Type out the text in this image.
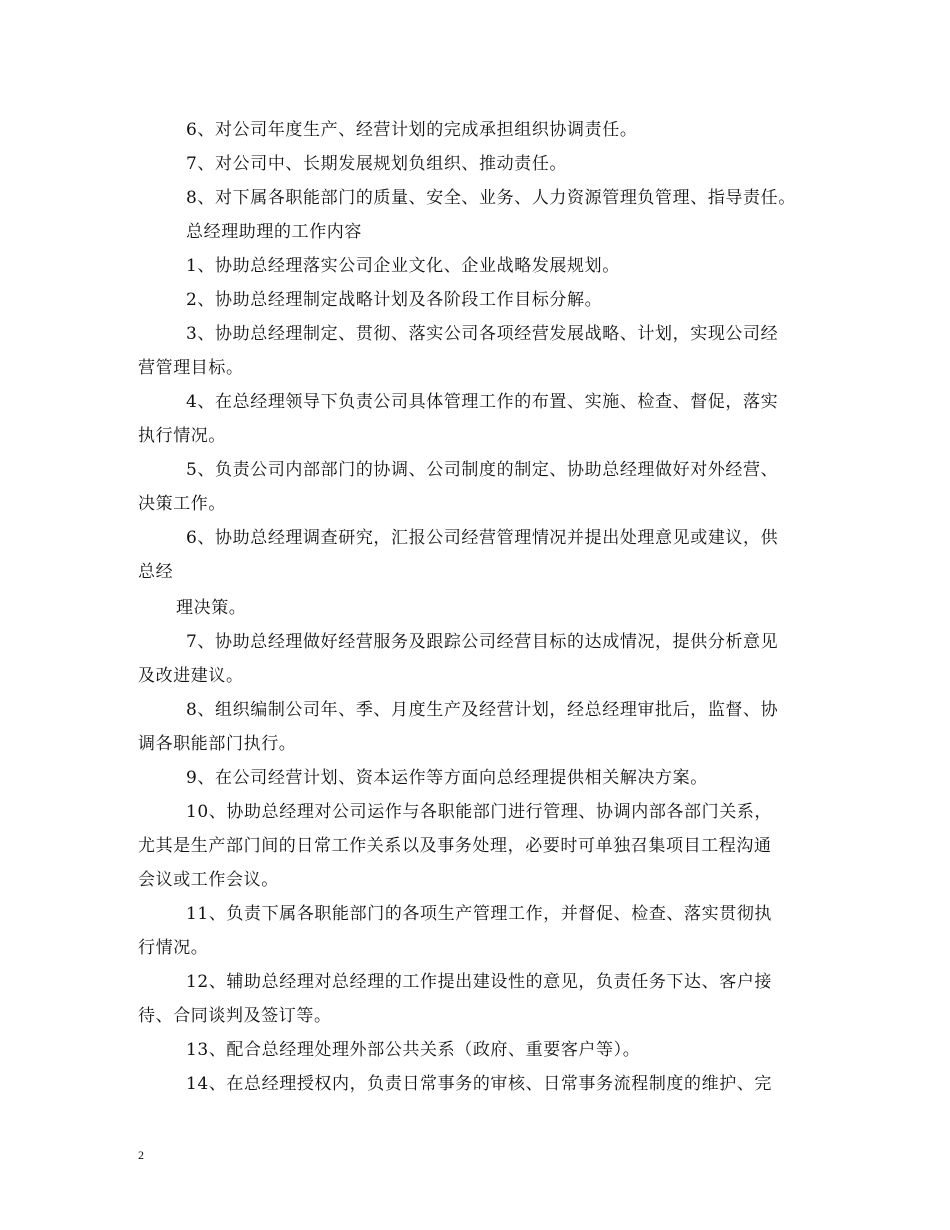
6、对公司年度生产、经营计划的完成承担组织协调责任。
7、对公司中、长期发展规划负组织、推动责任。
8、对下属各职能部门的质量、安全、业务、人力资源管理负管理、指导责任。
总经理助理的工作内容
1、协助总经理落实公司企业文化、企业战略发展规划。
2、协助总经理制定战略计划及各阶段工作目标分解。
3、协助总经理制定、贯彻、落实公司各项经营发展战略、计划，实现公司经
营管理目标。
4、在总经理领导下负责公司具体管理工作的布置、实施、检查、督促，落实
执行情况。
5、负责公司内部部门的协调、公司制度的制定、协助总经理做好对外经营、
决策工作。
6、协助总经理调查研究，汇报公司经营管理情况并提出处理意见或建议，供
总经
理决策。
7、协助总经理做好经营服务及跟踪公司经营目标的达成情况，提供分析意见
及改进建议。
8、组织编制公司年、季、月度生产及经营计划，经总经理审批后，监督、协
调各职能部门执行。
9、在公司经营计划、资本运作等方面向总经理提供相关解决方案。
10、协助总经理对公司运作与各职能部门进行管理、协调内部各部门关系，
尤其是生产部门间的日常工作关系以及事务处理，必要时可单独召集项目工程沟通
会议或工作会议。
11、负责下属各职能部门的各项生产管理工作，并督促、检查、落实贯彻执
行情况。
12、辅助总经理对总经理的工作提出建设性的意见，负责任务下达、客户接
待、合同谈判及签订等。
13、配合总经理处理外部公共关系（政府、重要客户等）。
14、在总经理授权内，负责日常事务的审核、日常事务流程制度的维护、完
2
